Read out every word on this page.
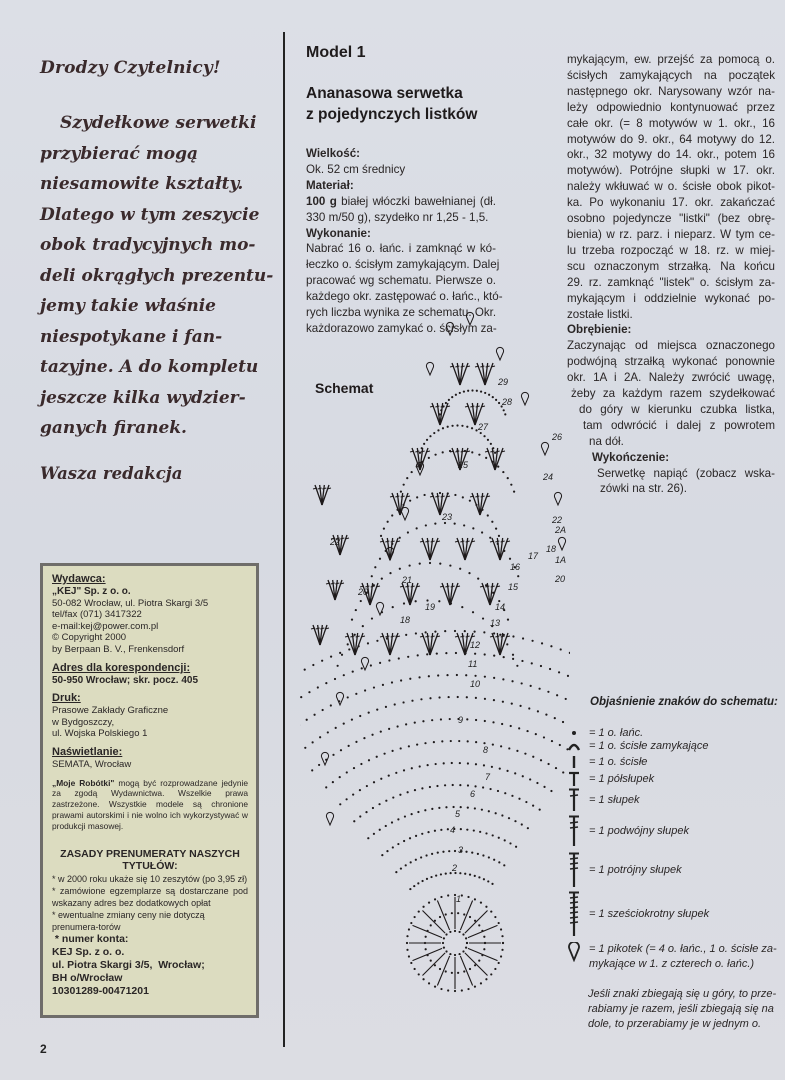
Drodzy Czytelnicy!

Szydełkowe serwetki
przybierać mogą
niesamowite kształty.
Dlatego w tym zeszycie
obok tradycyjnych mo-
deli okrągłych prezentu-
jemy takie właśnie
niespotykane i fan-
tazyjne. A do kompletu
jeszcze kilka wydzier-
ganych firanek.

Wasza redakcja
Wydawca:
„KEJ" Sp. z o. o.
50-082 Wrocław, ul. Piotra Skargi 3/5
tel/fax (071) 3417322
e-mail:kej@power.com.pl
© Copyright 2000
by Berpaan B. V., Frenkensdorf
Adres dla korespondencji:
50-950 Wrocław; skr. pocz. 405
Druk:
Prasowe Zakłady Graficzne
w Bydgoszczy,
ul. Wojska Polskiego 1
Naświetlanie:
SEMATA, Wrocław
„Moje Robótki" mogą być rozprowadzane jedynie za zgodą Wydawnictwa. Wszelkie prawa zastrzeżone. Wszystkie modele są chronione prawami autorskimi i nie wolno ich wykorzystywać w produkcji masowej.
ZASADY PRENUMERATY NASZYCH TYTUŁÓW:
* w 2000 roku ukaże się 10 zeszytów (po 3,95 zł)
* zamówione egzemplarze są dostarczane pod wskazany adres bez dodatkowych opłat
* ewentualne zmiany ceny nie dotyczą prenumera-torów
* numer konta:
KEJ Sp. z o. o.
ul. Piotra Skargi 3/5,  Wrocław;
BH o/Wrocław
10301289-00471201
Model 1
Ananasowa serwetka
z pojedynczych listków
Wielkość:
Ok. 52 cm średnicy
Materiał:
100 g białej włóczki bawełnianej (dł.
330 m/50 g), szydełko nr 1,25 - 1,5.
Wykonanie:
Nabrać 16 o. łańc. i zamknąć w kó-
łeczko o. ścisłym zamykającym. Dalej
pracować wg schematu. Pierwsze o.
każdego okr. zastępować o. łańc., któ-
rych liczba wynika ze schematu. Okr.
każdorazowo zamykać o. ścisłym za-
Schemat
mykającym, ew. przejść za pomocą o.
ścisłych zamykających na początek
następnego okr. Narysowany wzór na-
leży odpowiednio kontynuować przez
całe okr. (= 8 motywów w 1. okr., 16
motywów do 9. okr., 64 motywy do 12.
okr., 32 motywy do 14. okr., potem 16
motywów). Potrójne słupki w 17. okr.
należy wkłuwać w o. ścisłe obok pikot-
ka. Po wykonaniu 17. okr. zakańczać
osobno pojedyncze "listki" (bez obrę-
bienia) w rz. parz. i nieparz. W tym ce-
lu trzeba rozpocząć w 18. rz. w miej-
scu oznaczonym strzałką. Na końcu
29. rz. zamknąć "listek" o. ścisłym za-
mykającym i oddzielnie wykonać po-
zostałe listki.
Obrębienie:
Zaczynając od miejsca oznaczonego
podwójną strzałką wykonać ponownie
okr. 1A i 2A. Należy zwrócić uwagę,
żeby za każdym razem szydełkować
do góry w kierunku czubka listka,
tam odwrócić i dalej z powrotem
na dół.
Wykończenie:
Serwetkę napiąć (zobacz wska-
zówki na str. 26).
1
2
3
4
5
6
7
8
9
10
11
12
13
14
15
16
17
18
18
19
20
20
21
22
22
23
24
25
26
27
28
29
1A
2A
Objaśnienie znaków do schematu:
= 1 o. łańc.
= 1 o. ścisłe zamykające
= 1 o. ścisłe
= 1 półsłupek
= 1 słupek
= 1 podwójny słupek
= 1 potrójny słupek
= 1 sześciokrotny słupek
= 1 pikotek (= 4 o. łańc., 1 o. ścisłe za-
mykające w 1. z czterech o. łańc.)
Jeśli znaki zbiegają się u góry, to prze-
rabiamy je razem, jeśli zbiegają się na
dole, to przerabiamy je w jednym o.
2
